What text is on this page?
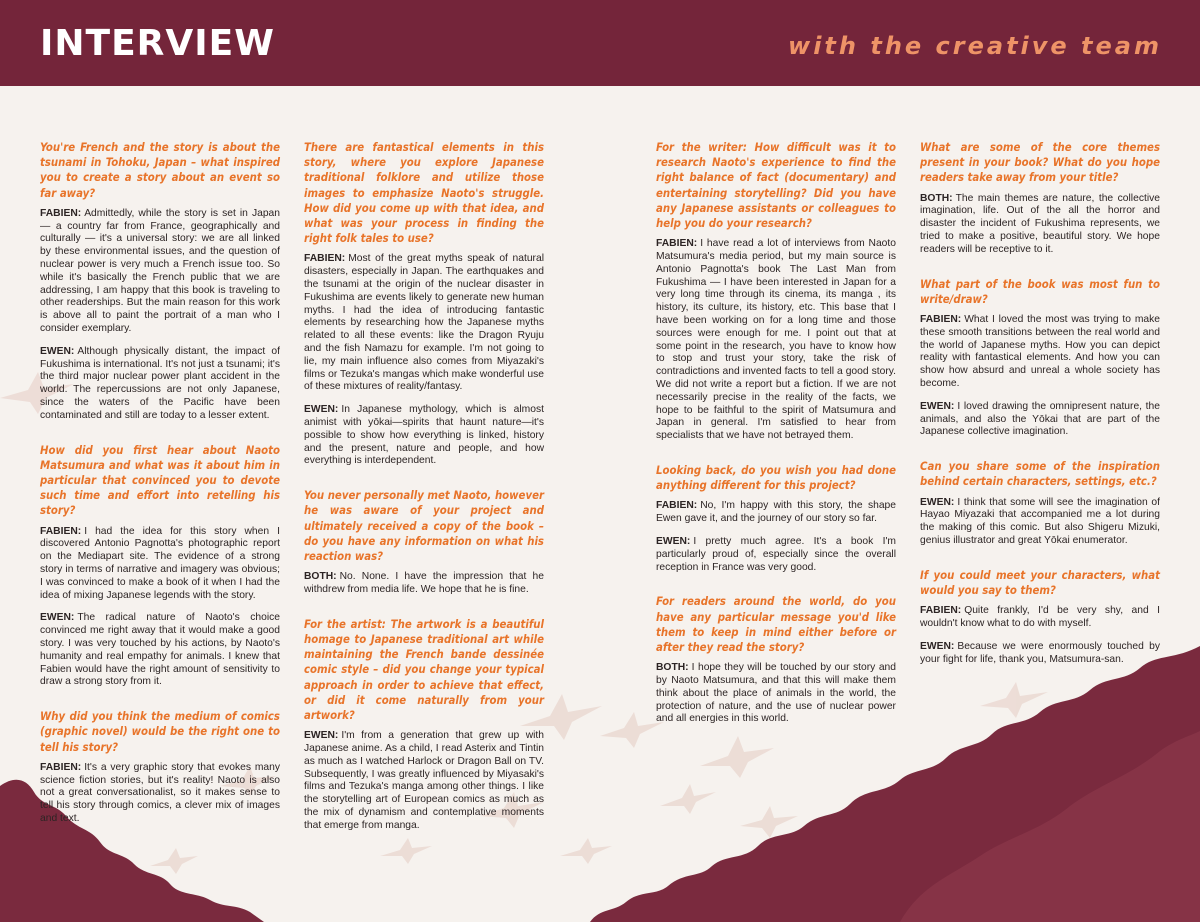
INTERVIEW	with the creative team

You're French and the story is about the tsunami in Tohoku, Japan – what inspired you to create a story about an event so far away?

FABIEN: Admittedly, while the story is set in Japan — a country far from France, geographically and culturally — it's a universal story: we are all linked by these environmental issues, and the question of nuclear power is very much a French issue too. So while it's basically the French public that we are addressing, I am happy that this book is traveling to other readerships. But the main reason for this work is above all to paint the portrait of a man who I consider exemplary.

EWEN: Although physically distant, the impact of Fukushima is international. It's not just a tsunami; it's the third major nuclear power plant accident in the world. The repercussions are not only Japanese, since the waters of the Pacific have been contaminated and still are today to a lesser extent.

How did you first hear about Naoto Matsumura and what was it about him in particular that convinced you to devote such time and effort into retelling his story?

FABIEN: I had the idea for this story when I discovered Antonio Pagnotta's photographic report on the Mediapart site. The evidence of a strong story in terms of narrative and imagery was obvious; I was convinced to make a book of it when I had the idea of mixing Japanese legends with the story.

EWEN: The radical nature of Naoto's choice convinced me right away that it would make a good story. I was very touched by his actions, by Naoto's humanity and real empathy for animals. I knew that Fabien would have the right amount of sensitivity to draw a strong story from it.

Why did you think the medium of comics (graphic novel) would be the right one to tell his story?

FABIEN: It's a very graphic story that evokes many science fiction stories, but it's reality! Naoto is also not a great conversationalist, so it makes sense to tell his story through comics, a clever mix of images and text.

There are fantastical elements in this story, where you explore Japanese traditional folklore and utilize those images to emphasize Naoto's struggle. How did you come up with that idea, and what was your process in finding the right folk tales to use?

FABIEN: Most of the great myths speak of natural disasters, especially in Japan. The earthquakes and the tsunami at the origin of the nuclear disaster in Fukushima are events likely to generate new human myths. I had the idea of introducing fantastic elements by researching how the Japanese myths related to all these events: like the Dragon Ryuju and the fish Namazu for example. I'm not going to lie, my main influence also comes from Miyazaki's films or Tezuka's mangas which make wonderful use of these mixtures of reality/fantasy.

EWEN: In Japanese mythology, which is almost animist with yōkai—spirits that haunt nature—it's possible to show how everything is linked, history and the present, nature and people, and how everything is interdependent.

You never personally met Naoto, however he was aware of your project and ultimately received a copy of the book – do you have any information on what his reaction was?

BOTH: No. None. I have the impression that he withdrew from media life. We hope that he is fine.

For the artist: The artwork is a beautiful homage to Japanese traditional art while maintaining the French bande dessinée comic style – did you change your typical approach in order to achieve that effect, or did it come naturally from your artwork?

EWEN: I'm from a generation that grew up with Japanese anime. As a child, I read Asterix and Tintin as much as I watched Harlock or Dragon Ball on TV. Subsequently, I was greatly influenced by Miyasaki's films and Tezuka's manga among other things. I like the storytelling art of European comics as much as the mix of dynamism and contemplative moments that emerge from manga.

For the writer: How difficult was it to research Naoto's experience to find the right balance of fact (documentary) and entertaining storytelling? Did you have any Japanese assistants or colleagues to help you do your research?

FABIEN: I have read a lot of interviews from Naoto Matsumura's media period, but my main source is Antonio Pagnotta's book The Last Man from Fukushima — I have been interested in Japan for a very long time through its cinema, its manga , its history, its culture, its history, etc. This base that I have been working on for a long time and those sources were enough for me. I point out that at some point in the research, you have to know how to stop and trust your story, take the risk of contradictions and invented facts to tell a good story. We did not write a report but a fiction. If we are not necessarily precise in the reality of the facts, we hope to be faithful to the spirit of Matsumura and Japan in general. I'm satisfied to hear from specialists that we have not betrayed them.

Looking back, do you wish you had done anything different for this project?

FABIEN: No, I'm happy with this story, the shape Ewen gave it, and the journey of our story so far.

EWEN: I pretty much agree. It's a book I'm particularly proud of, especially since the overall reception in France was very good.

For readers around the world, do you have any particular message you'd like them to keep in mind either before or after they read the story?

BOTH: I hope they will be touched by our story and by Naoto Matsumura, and that this will make them think about the place of animals in the world, the protection of nature, and the use of nuclear power and all energies in this world.

What are some of the core themes present in your book? What do you hope readers take away from your title?

BOTH: The main themes are nature, the collective imagination, life. Out of the all the horror and disaster the incident of Fukushima represents, we tried to make a positive, beautiful story. We hope readers will be receptive to it.

What part of the book was most fun to write/draw?

FABIEN: What I loved the most was trying to make these smooth transitions between the real world and the world of Japanese myths. How you can depict reality with fantastical elements. And how you can show how absurd and unreal a whole society has become.

EWEN: I loved drawing the omnipresent nature, the animals, and also the Yōkai that are part of the Japanese collective imagination.

Can you share some of the inspiration behind certain characters, settings, etc.?

EWEN: I think that some will see the imagination of Hayao Miyazaki that accompanied me a lot during the making of this comic. But also Shigeru Mizuki, genius illustrator and great Yōkai enumerator.

If you could meet your characters, what would you say to them?

FABIEN: Quite frankly, I'd be very shy, and I wouldn't know what to do with myself.

EWEN: Because we were enormously touched by your fight for life, thank you, Matsumura-san.
